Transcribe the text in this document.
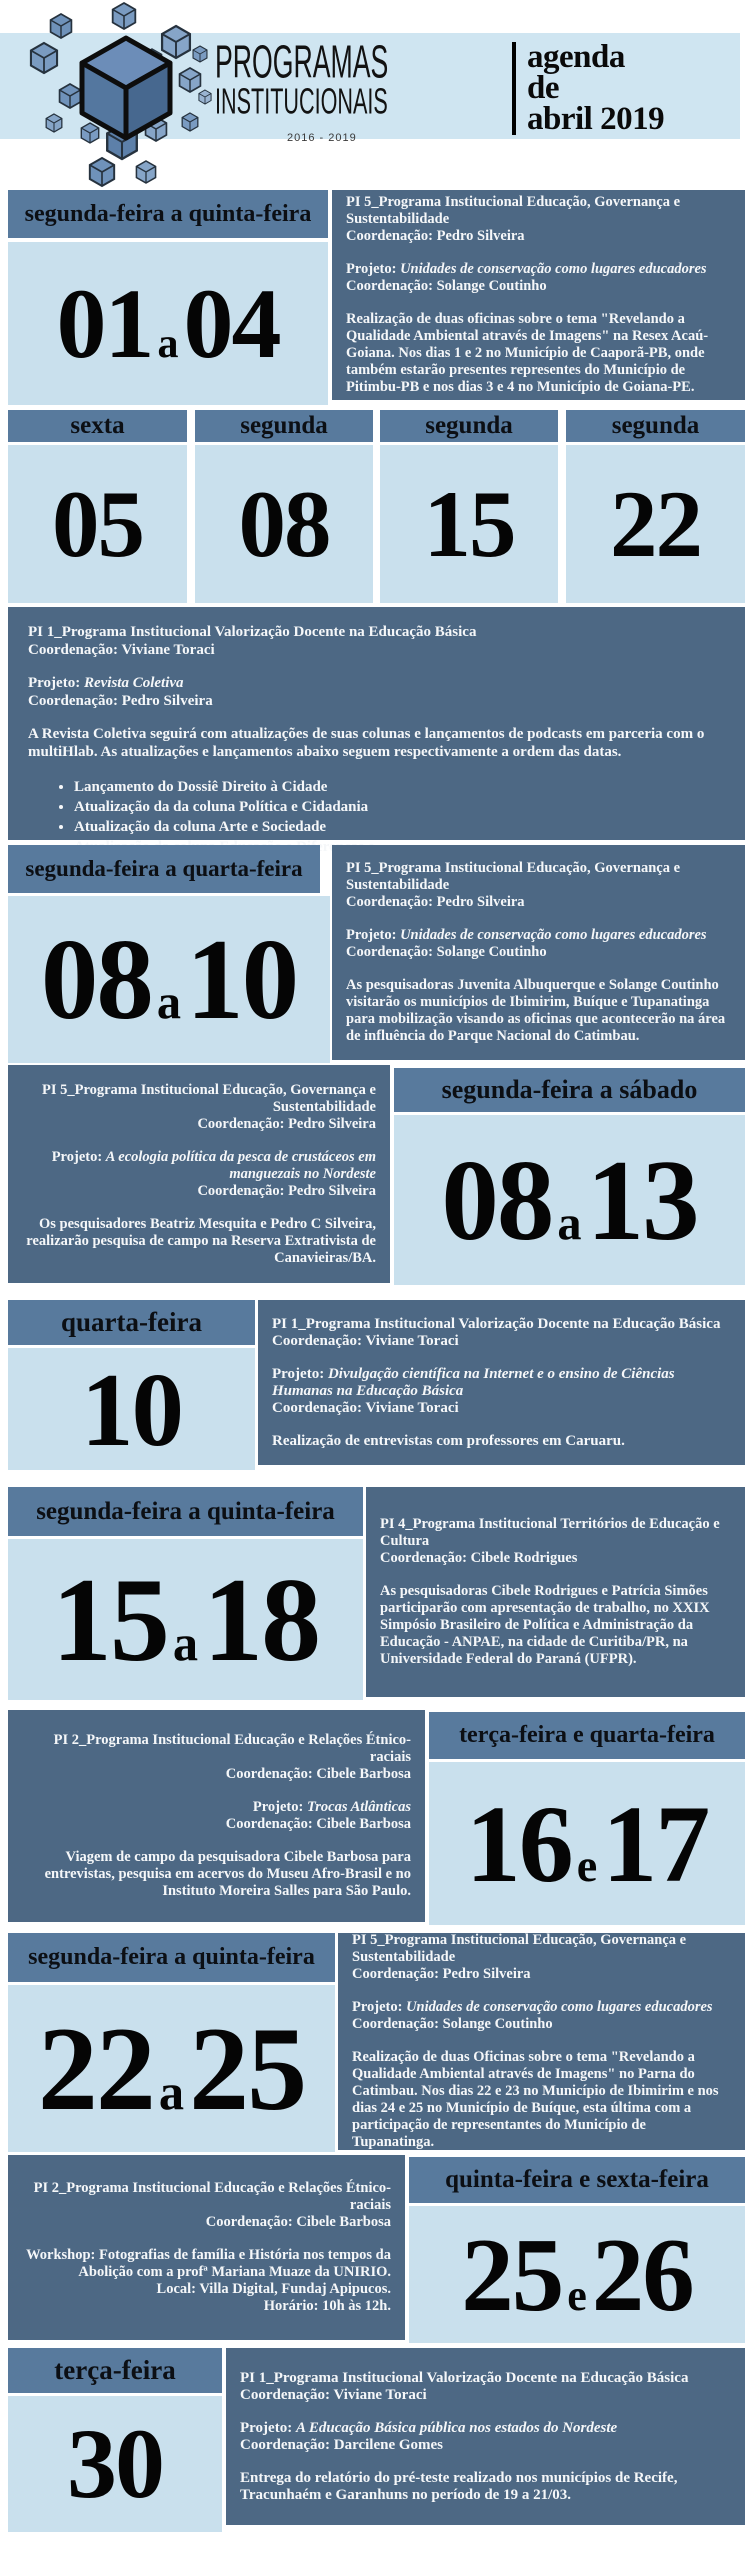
PROGRAMAS
INSTITUCIONAIS
2016 - 2019
agenda
de
abril 2019
segunda-feira a quinta-feira
01 a04

PI 5_Programa Institucional Educação, Governança e Sustentabilidade
Coordenação: Pedro Silveira

Projeto: Unidades de conservação como lugares educadores
Coordenação: Solange Coutinho

Realização de duas oficinas sobre o tema "Revelando a Qualidade Ambiental através de Imagens" na Resex Acaú-Goiana. Nos dias 1 e 2 no Município de Caaporã-PB, onde também estarão presentes representes do Município de Pitimbu-PB e nos dias 3 e 4 no Município de Goiana-PE.

sexta
05
segunda
08
segunda
15
segunda
22

PI 1_Programa Institucional Valorização Docente na Educação Básica
Coordenação: Viviane Toraci

Projeto: Revista Coletiva
Coordenação: Pedro Silveira

A Revista Coletiva seguirá com atualizações de suas colunas e lançamentos de podcasts em parceria com o multiHlab. As atualizações e lançamentos abaixo seguem respectivamente a ordem das datas.

• Lançamento do Dossiê Direito à Cidade
• Atualização da da coluna Política e Cidadania
• Atualização da coluna Arte e Sociedade
• Diferenças
segunda-feira a quarta-feira
08 a10

PI 5_Programa Institucional Educação, Governança e Sustentabilidade
Coordenação: Pedro Silveira

Projeto: Unidades de conservação como lugares educadores
Coordenação: Solange Coutinho

As pesquisadoras Juvenita Albuquerque e Solange Coutinho visitarão os municípios de Ibimirim, Buíque e Tupanatinga para mobilização visando as oficinas que acontecerão na área de influência do Parque Nacional do Catimbau.

PI 5_Programa Institucional Educação, Governança e Sustentabilidade
Coordenação: Pedro Silveira

Projeto: A ecologia política da pesca de crustáceos em manguezais no Nordeste
Coordenação: Pedro Silveira

Os pesquisadores Beatriz Mesquita e Pedro C Silveira, realizarão pesquisa de campo na Reserva Extrativista de Canavieiras/BA.

segunda-feira a sábado
08 a13
quarta-feira
10

PI 1_Programa Institucional Valorização Docente na Educação Básica
Coordenação: Viviane Toraci

Projeto: Divulgação científica na Internet e o ensino de Ciências Humanas na Educação Básica
Coordenação: Viviane Toraci

Realização de entrevistas com professores em Caruaru.

segunda-feira a quinta-feira
15a18

PI 4_Programa Institucional Territórios de Educação e Cultura
Coordenação: Cibele Rodrigues

As pesquisadoras Cibele Rodrigues e Patrícia Simões participarão com apresentação de trabalho, no XXIX Simpósio Brasileiro de Política e Administração da Educação - ANPAE, na cidade de Curitiba/PR, na Universidade Federal do Paraná (UFPR).

PI 2_Programa Institucional Educação e Relações Étnico-raciais
Coordenação: Cibele Barbosa

Projeto: Trocas Atlânticas
Coordenação: Cibele Barbosa

Viagem de campo da pesquisadora Cibele Barbosa para entrevistas, pesquisa em acervos do Museu Afro-Brasil e no Instituto Moreira Salles para São Paulo.

terça-feira e quarta-feira
16 e17
segunda-feira a quinta-feira
22a25

PI 5_Programa Institucional Educação, Governança e Sustentabilidade
Coordenação: Pedro Silveira

Projeto: Unidades de conservação como lugares educadores
Coordenação: Solange Coutinho

Realização de duas Oficinas sobre o tema "Revelando a Qualidade Ambiental através de Imagens" no Parna do Catimbau. Nos dias 22 e 23 no Município de Ibimirim e nos dias 24 e 25 no Município de Buíque, esta última com a participação de representantes do Município de Tupanatinga.

PI 2_Programa Institucional Educação e Relações Étnico-raciais
Coordenação: Cibele Barbosa

Workshop: Fotografias de família e História nos tempos da Abolição com a profª Mariana Muaze da UNIRIO.
Local: Villa Digital, Fundaj Apipucos.
Horário: 10h às 12h.

quinta-feira e sexta-feira
25 e26
terça-feira
30

PI 1_Programa Institucional Valorização Docente na Educação Básica
Coordenação: Viviane Toraci

Projeto: A Educação Básica pública nos estados do Nordeste
Coordenação: Darcilene Gomes

Entrega do relatório do pré-teste realizado nos municípios de Recife, Tracunhaém e Garanhuns no período de 19 a 21/03.
